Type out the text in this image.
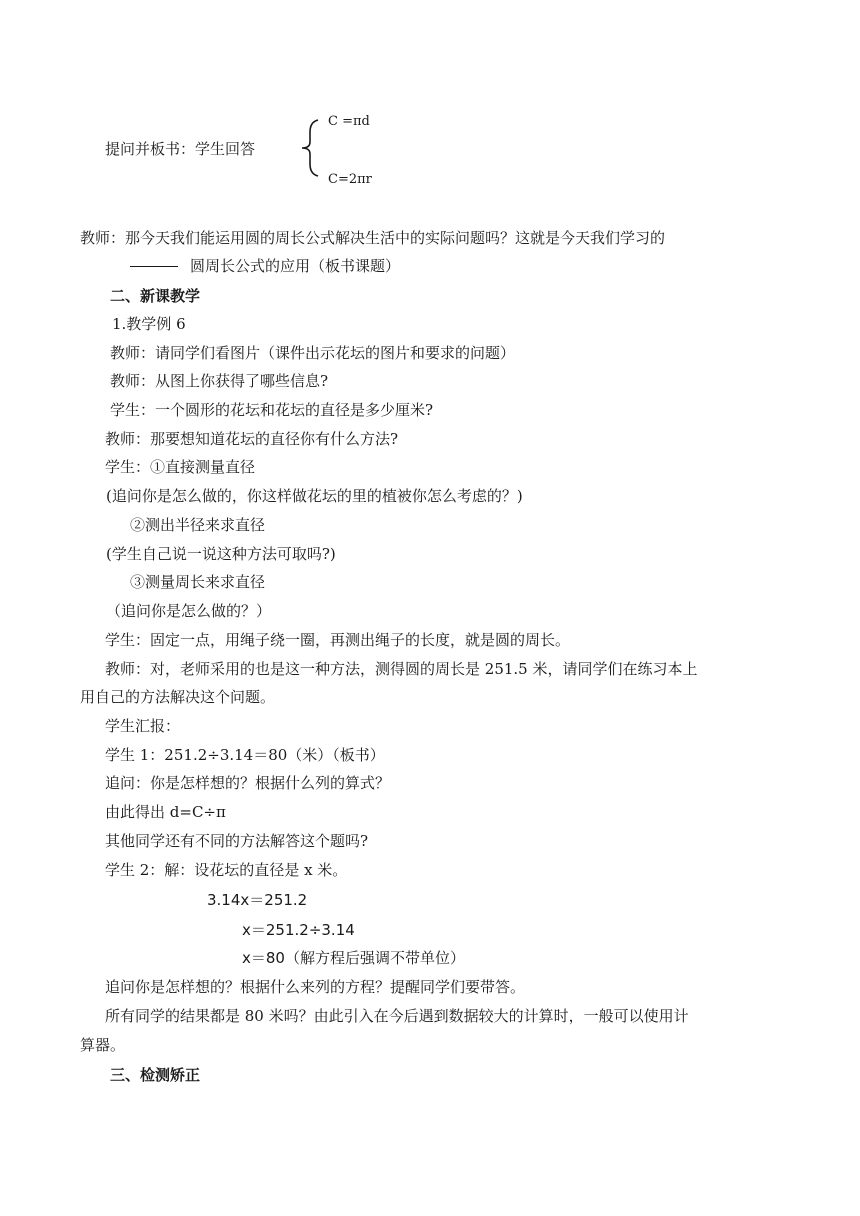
提问并板书：学生回答
C =πd
C=2πr
教师：那今天我们能运用圆的周长公式解决生活中的实际问题吗？这就是今天我们学习的
圆周长公式的应用（板书课题）
二、新课教学
1.教学例 6
教师：请同学们看图片（课件出示花坛的图片和要求的问题）
教师：从图上你获得了哪些信息?
学生：一个圆形的花坛和花坛的直径是多少厘米?
教师：那要想知道花坛的直径你有什么方法?
学生：①直接测量直径
(追问你是怎么做的，你这样做花坛的里的植被你怎么考虑的？)
②测出半径来求直径
(学生自己说一说这种方法可取吗?)
③测量周长来求直径
（追问你是怎么做的？）
学生：固定一点，用绳子绕一圈，再测出绳子的长度，就是圆的周长。
教师：对，老师采用的也是这一种方法，测得圆的周长是 251.5 米，请同学们在练习本上
用自己的方法解决这个问题。
学生汇报：
学生 1：251.2÷3.14＝80（米）（板书）
追问：你是怎样想的？根据什么列的算式？
由此得出 d=C÷π
其他同学还有不同的方法解答这个题吗?
学生 2：解：设花坛的直径是 x 米。
3.14x＝251.2
x＝251.2÷3.14
x＝80（解方程后强调不带单位）
追问你是怎样想的？根据什么来列的方程？提醒同学们要带答。
所有同学的结果都是 80 米吗？由此引入在今后遇到数据较大的计算时，一般可以使用计
算器。
三、检测矫正
